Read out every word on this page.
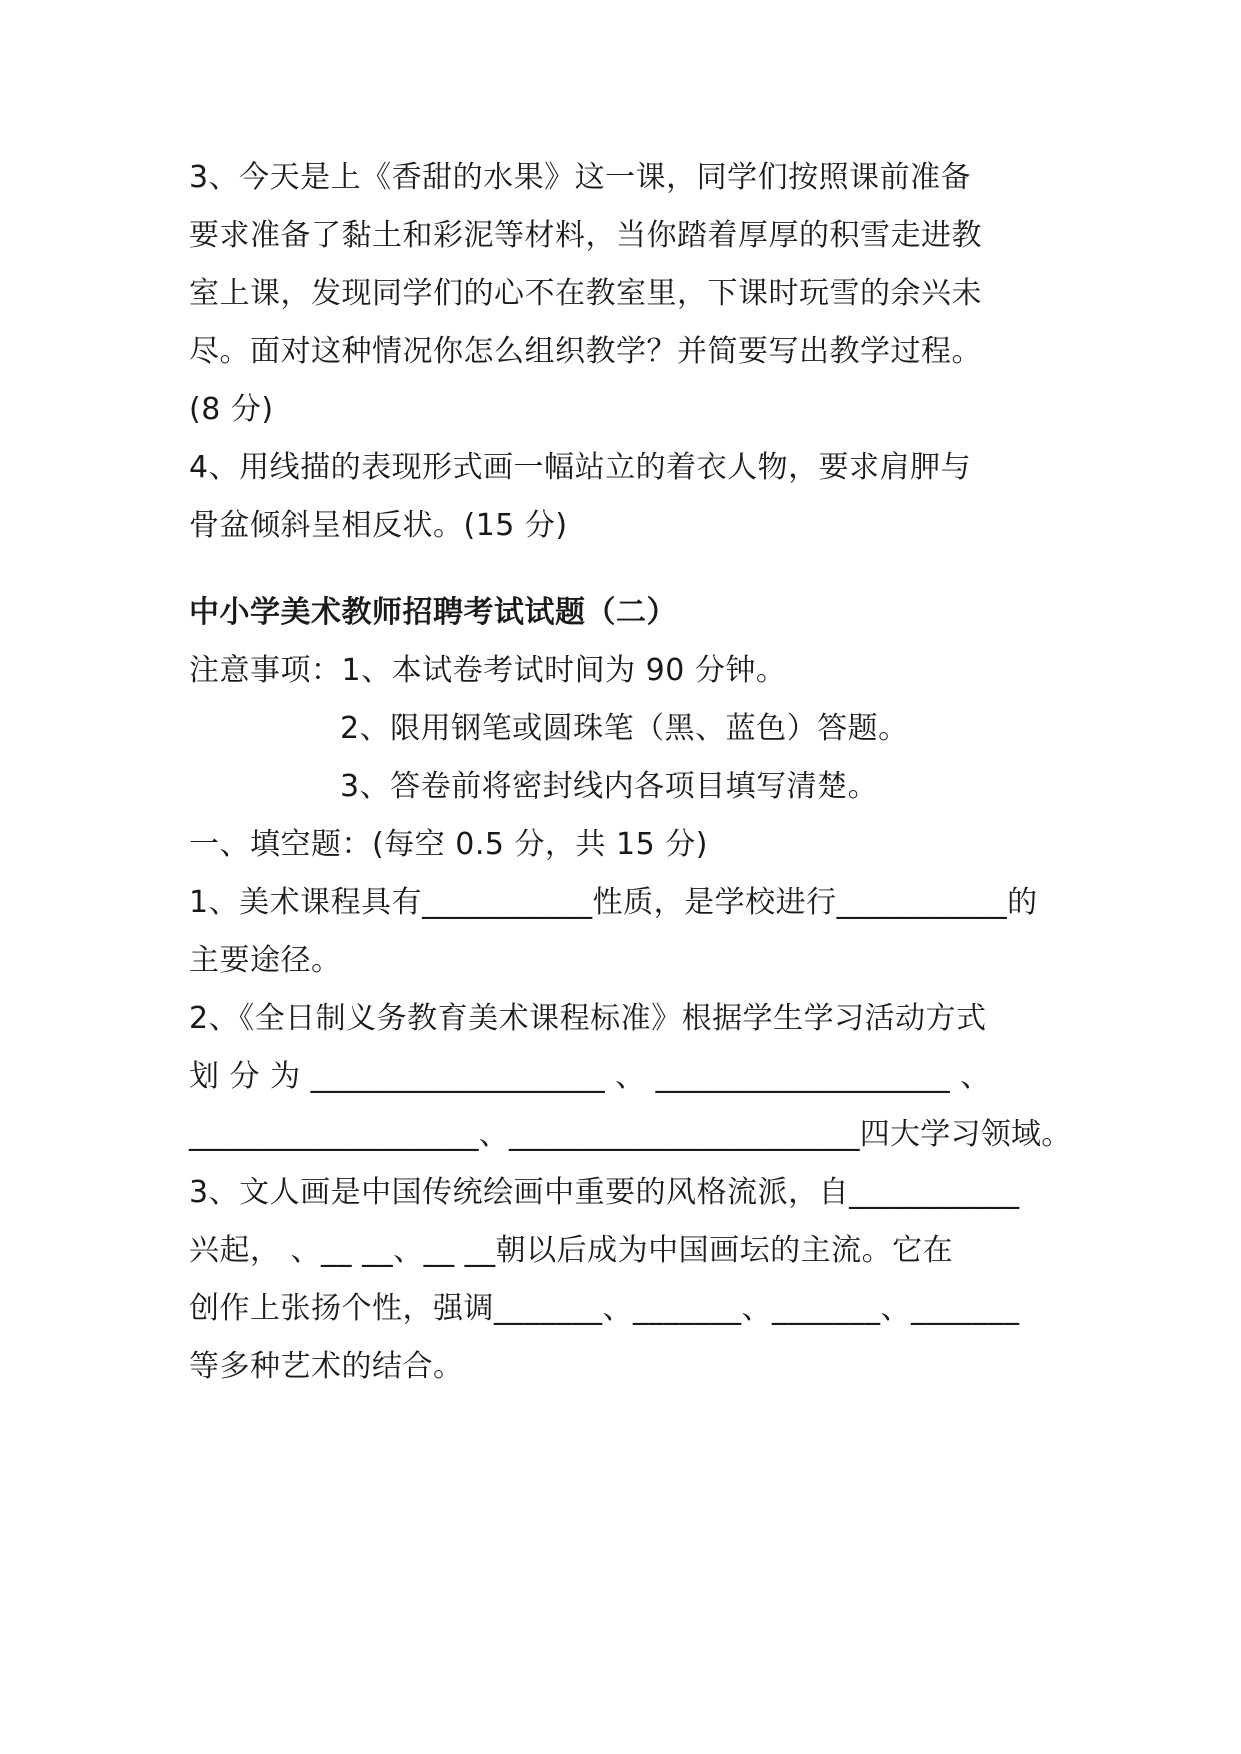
3、今天是上《香甜的水果》这一课，同学们按照课前准备
要求准备了黏土和彩泥等材料，当你踏着厚厚的积雪走进教
室上课，发现同学们的心不在教室里，下课时玩雪的余兴未
尽。面对这种情况你怎么组织教学？并简要写出教学过程。
(8 分)
4、用线描的表现形式画一幅站立的着衣人物，要求肩胛与
骨盆倾斜呈相反状。(15 分)
中小学美术教师招聘考试试题（二）
注意事项：1、本试卷考试时间为 90 分钟。
2、限用钢笔或圆珠笔（黑、蓝色）答题。
3、答卷前将密封线内各项目填写清楚。
一、填空题：(每空 0.5 分，共 15 分)
1、美术课程具有___________性质，是学校进行___________的
主要途径。
2、《全日制义务教育美术课程标准》根据学生学习活动方式
划 分 为 ___________________ 、 ___________________ 、
___________________、_______________________四大学习领域。
3、文人画是中国传统绘画中重要的风格流派，自___________
兴起， 、__ __、__ __朝以后成为中国画坛的主流。它在
创作上张扬个性，强调_______、_______、_______、_______
等多种艺术的结合。
